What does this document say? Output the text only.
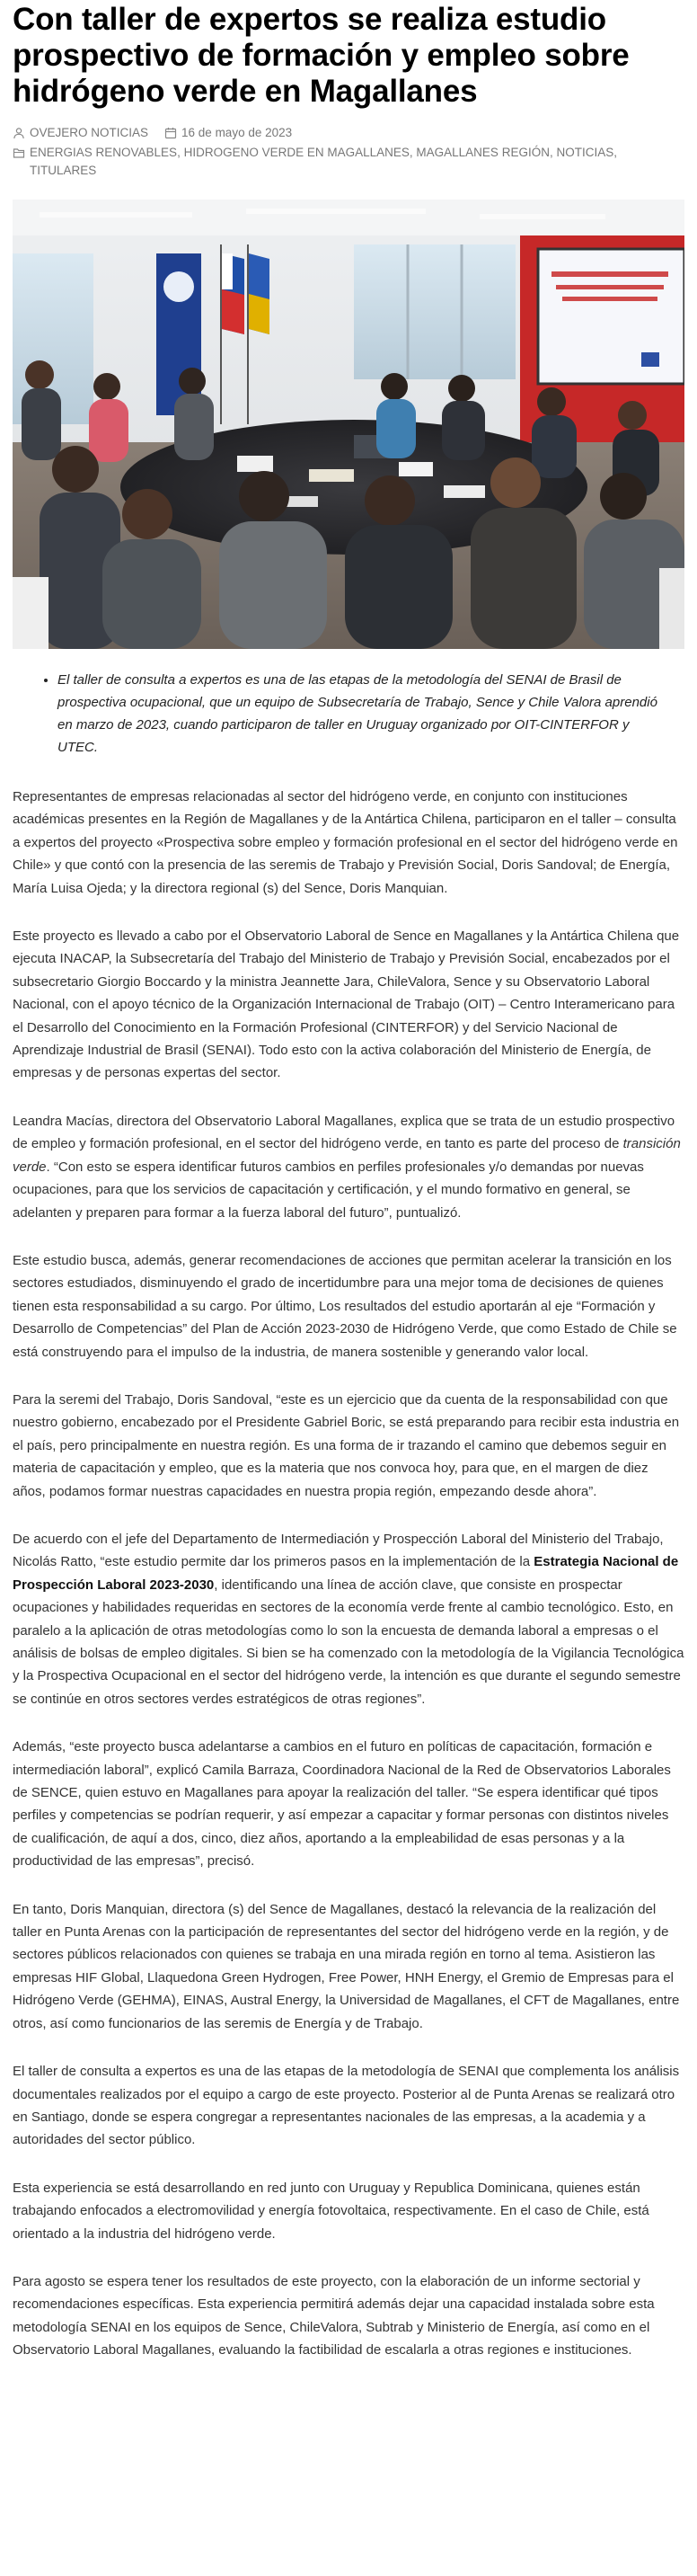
Con taller de expertos se realiza estudio prospectivo de formación y empleo sobre hidrógeno verde en Magallanes
OVEJERO NOTICIAS	16 de mayo de 2023
ENERGIAS RENOVABLES, HIDROGENO VERDE EN MAGALLANES, MAGALLANES REGIÓN, NOTICIAS, TITULARES
• El taller de consulta a expertos es una de las etapas de la metodología del SENAI de Brasil de prospectiva ocupacional, que un equipo de Subsecretaría de Trabajo, Sence y Chile Valora aprendió en marzo de 2023, cuando participaron de taller en Uruguay organizado por OIT-CINTERFOR y UTEC.

Representantes de empresas relacionadas al sector del hidrógeno verde, en conjunto con instituciones académicas presentes en la Región de Magallanes y de la Antártica Chilena, participaron en el taller – consulta a expertos del proyecto «Prospectiva sobre empleo y formación profesional en el sector del hidrógeno verde en Chile» y que contó con la presencia de las seremis de Trabajo y Previsión Social, Doris Sandoval; de Energía, María Luisa Ojeda; y la directora regional (s) del Sence, Doris Manquian.

Este proyecto es llevado a cabo por el Observatorio Laboral de Sence en Magallanes y la Antártica Chilena que ejecuta INACAP, la Subsecretaría del Trabajo del Ministerio de Trabajo y Previsión Social, encabezados por el subsecretario Giorgio Boccardo y la ministra Jeannette Jara, ChileValora, Sence y su Observatorio Laboral Nacional, con el apoyo técnico de la Organización Internacional de Trabajo (OIT) – Centro Interamericano para el Desarrollo del Conocimiento en la Formación Profesional (CINTERFOR) y del Servicio Nacional de Aprendizaje Industrial de Brasil (SENAI). Todo esto con la activa colaboración del Ministerio de Energía, de empresas y de personas expertas del sector.

Leandra Macías, directora del Observatorio Laboral Magallanes, explica que se trata de un estudio prospectivo de empleo y formación profesional, en el sector del hidrógeno verde, en tanto es parte del proceso de transición verde. “Con esto se espera identificar futuros cambios en perfiles profesionales y/o demandas por nuevas ocupaciones, para que los servicios de capacitación y certificación, y el mundo formativo en general, se adelanten y preparen para formar a la fuerza laboral del futuro”, puntualizó.

Este estudio busca, además, generar recomendaciones de acciones que permitan acelerar la transición en los sectores estudiados, disminuyendo el grado de incertidumbre para una mejor toma de decisiones de quienes tienen esta responsabilidad a su cargo. Por último, Los resultados del estudio aportarán al eje “Formación y Desarrollo de Competencias” del Plan de Acción 2023-2030 de Hidrógeno Verde, que como Estado de Chile se está construyendo para el impulso de la industria, de manera sostenible y generando valor local.

Para la seremi del Trabajo, Doris Sandoval, “este es un ejercicio que da cuenta de la responsabilidad con que nuestro gobierno, encabezado por el Presidente Gabriel Boric, se está preparando para recibir esta industria en el país, pero principalmente en nuestra región. Es una forma de ir trazando el camino que debemos seguir en materia de capacitación y empleo, que es la materia que nos convoca hoy, para que, en el margen de diez años, podamos formar nuestras capacidades en nuestra propia región, empezando desde ahora”.

De acuerdo con el jefe del Departamento de Intermediación y Prospección Laboral del Ministerio del Trabajo, Nicolás Ratto, “este estudio permite dar los primeros pasos en la implementación de la Estrategia Nacional de Prospección Laboral 2023-2030, identificando una línea de acción clave, que consiste en prospectar ocupaciones y habilidades requeridas en sectores de la economía verde frente al cambio tecnológico. Esto, en paralelo a la aplicación de otras metodologías como lo son la encuesta de demanda laboral a empresas o el análisis de bolsas de empleo digitales. Si bien se ha comenzado con la metodología de la Vigilancia Tecnológica y la Prospectiva Ocupacional en el sector del hidrógeno verde, la intención es que durante el segundo semestre se continúe en otros sectores verdes estratégicos de otras regiones”.

Además, “este proyecto busca adelantarse a cambios en el futuro en políticas de capacitación, formación e intermediación laboral”, explicó Camila Barraza, Coordinadora Nacional de la Red de Observatorios Laborales de SENCE, quien estuvo en Magallanes para apoyar la realización del taller. “Se espera identificar qué tipos perfiles y competencias se podrían requerir, y así empezar a capacitar y formar personas con distintos niveles de cualificación, de aquí a dos, cinco, diez años, aportando a la empleabilidad de esas personas y a la productividad de las empresas”, precisó.

En tanto, Doris Manquian, directora (s) del Sence de Magallanes, destacó la relevancia de la realización del taller en Punta Arenas con la participación de representantes del sector del hidrógeno verde en la región, y de sectores públicos relacionados con quienes se trabaja en una mirada región en torno al tema. Asistieron las empresas HIF Global, Llaquedona Green Hydrogen, Free Power, HNH Energy, el Gremio de Empresas para el Hidrógeno Verde (GEHMA), EINAS, Austral Energy, la Universidad de Magallanes, el CFT de Magallanes, entre otros, así como funcionarios de las seremis de Energía y de Trabajo.

El taller de consulta a expertos es una de las etapas de la metodología de SENAI que complementa los análisis documentales realizados por el equipo a cargo de este proyecto. Posterior al de Punta Arenas se realizará otro en Santiago, donde se espera congregar a representantes nacionales de las empresas, a la academia y a autoridades del sector público.

Esta experiencia se está desarrollando en red junto con Uruguay y Republica Dominicana, quienes están trabajando enfocados a electromovilidad y energía fotovoltaica, respectivamente. En el caso de Chile, está orientado a la industria del hidrógeno verde.

Para agosto se espera tener los resultados de este proyecto, con la elaboración de un informe sectorial y recomendaciones específicas. Esta experiencia permitirá además dejar una capacidad instalada sobre esta metodología SENAI en los equipos de Sence, ChileValora, Subtrab y Ministerio de Energía, así como en el Observatorio Laboral Magallanes, evaluando la factibilidad de escalarla a otras regiones e instituciones.
